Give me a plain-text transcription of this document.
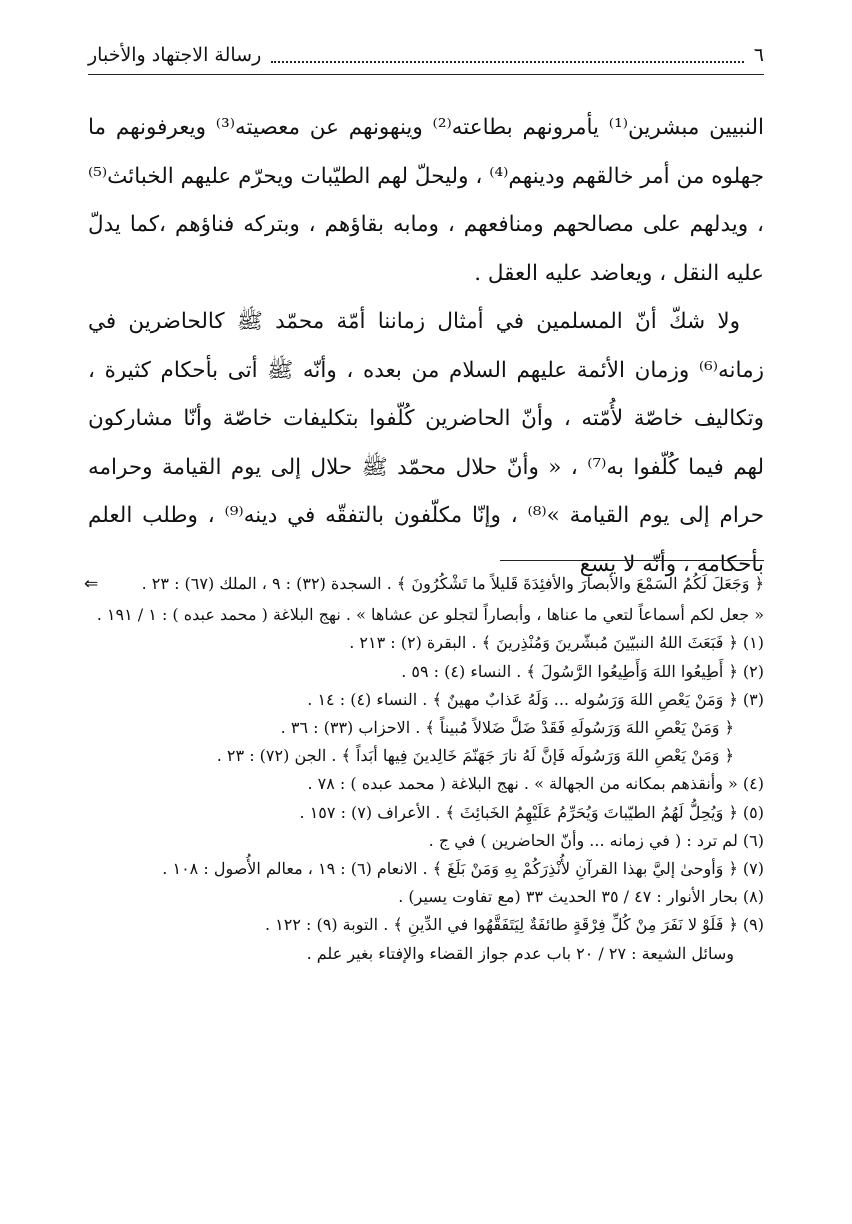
٦
رسالة الاجتهاد والأخبار

النبيين مبشرين⁽¹⁾ يأمرونهم بطاعته⁽²⁾ وينهونهم عن معصيته⁽³⁾ ويعرفونهم ما جهلوه من أمر خالقهم ودينهم⁽⁴⁾ ، وليحلّ لهم الطيّبات ويحرّم عليهم الخبائث⁽⁵⁾ ، ويدلهم على مصالحهم ومنافعهم ، ومابه بقاؤهم ، وبتركه فناؤهم ،كما يدلّ عليه النقل ، ويعاضد عليه العقل .

ولا شكّ أنّ المسلمين في أمثال زماننا أمّة محمّد ﷺ كالحاضرين في زمانه⁽⁶⁾ وزمان الأئمة عليهم السلام من بعده ، وأنّه ﷺ أتى بأحكام كثيرة ، وتكاليف خاصّة لأُمّته ، وأنّ الحاضرين كُلّفوا بتكليفات خاصّة وأنّا مشاركون لهم فيما كُلّفوا به⁽⁷⁾ ، « وأنّ حلال محمّد ﷺ حلال إلى يوم القيامة وحرامه حرام إلى يوم القيامة »⁽⁸⁾ ، وإنّا مكلّفون بالتفقّه في دينه⁽⁹⁾ ، وطلب العلم بأحكامه ، وأنّه لا يسع

⇐	﴿ وَجَعَلَ لَكُمُ السَمْعَ والأبصارَ والأفئِدَةَ قَليلاً ما تَشْكُرُونَ ﴾ . السجدة (٣٢) : ٩ ، الملك (٦٧) : ٢٣ .

« جعل لكم أسماعاً لتعي ما عناها ، وأبصاراً لتجلو عن عشاها » . نهج البلاغة ( محمد عبده ) : ١ / ١٩١ .

(١) ﴿ فَبَعَثَ اللهُ النبيّينَ مُبشّرينَ وَمُنْذِرينَ ﴾ . البقرة (٢) : ٢١٣ .

(٢) ﴿ أَطِيعُوا اللهَ وَأَطِيعُوا الرَّسُولَ ﴾ . النساء (٤) : ٥٩ .

(٣) ﴿ وَمَنْ يَعْصِ اللهَ وَرَسُوله ... وَلَهُ عَذابٌ مهينٌ ﴾ . النساء (٤) : ١٤ .

﴿ وَمَنْ يَعْصِ اللهَ وَرَسُولَهِ فَقَدْ ضَلَّ ضَلالاً مُبيناً ﴾ . الاحزاب (٣٣) : ٣٦ .

﴿ وَمَنْ يَعْصِ اللهَ وَرَسُولَه فَإنَّ لَهُ نارَ جَهَنّمَ خَالِدينَ فِيها أبَداً ﴾ . الجن (٧٢) : ٢٣ .

(٤) « وأنقذهم بمكانه من الجهالة » . نهج البلاغة ( محمد عبده ) : ٧٨ .

(٥) ﴿ وَيُحِلُّ لَهُمُ الطيّباتَ وَيُحَرِّمُ عَلَيْهِمُ الخَبائِثَ ﴾ . الأعراف (٧) : ١٥٧ .

(٦) لم ترد : ( في زمانه ... وأنّ الحاضرين ) في ج .

(٧) ﴿ وَأوحىٰ إليَّ بهذا القرآنِ لأُنْذِرَكُمْ بِهِ وَمَنْ بَلَغَ ﴾ . الانعام (٦) : ١٩ ، معالم الأُصول : ١٠٨ .

(٨) بحار الأنوار : ٤٧ / ٣٥ الحديث ٣٣ (مع تفاوت يسير) .

(٩) ﴿ فَلَوْ لا نَفَرَ مِنْ كُلِّ فِرْقَةٍ طائفَةٌ لِيَتَفَقَّهُوا في الدِّينِ ﴾ . التوبة (٩) : ١٢٢ .

وسائل الشيعة : ٢٧ / ٢٠ باب عدم جواز القضاء والإفتاء بغير علم .
